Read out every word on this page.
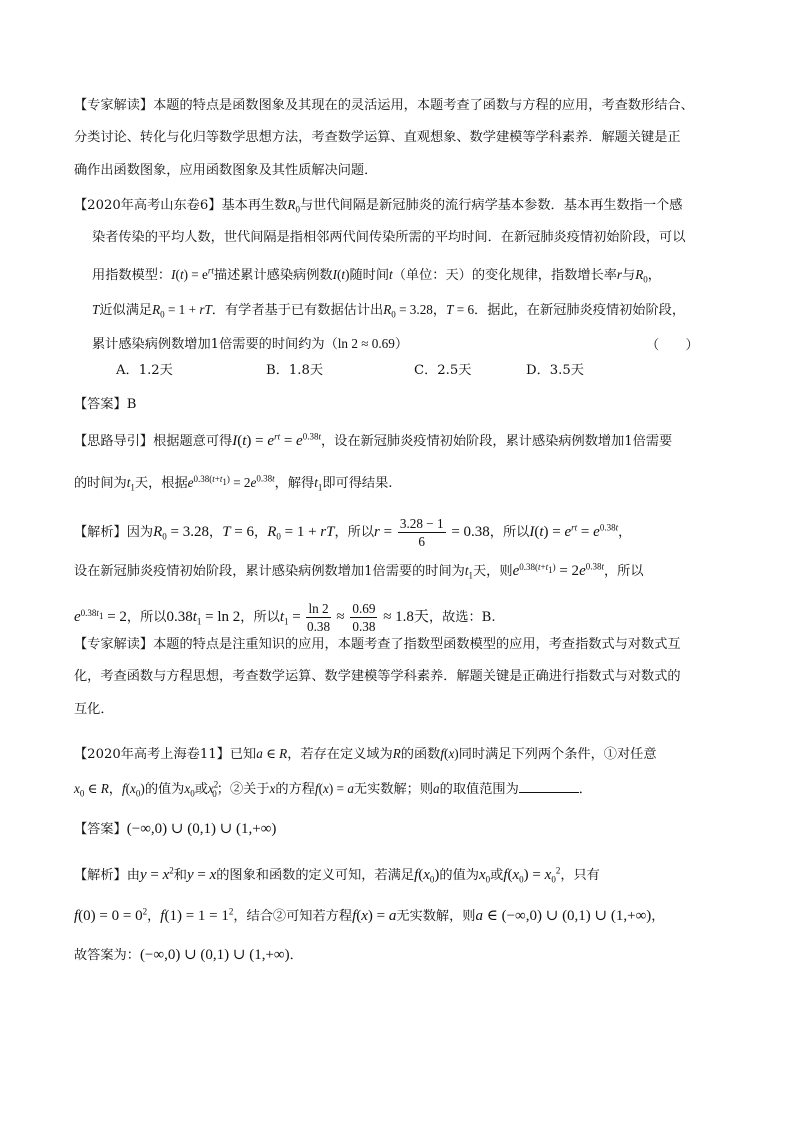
【专家解读】本题的特点是函数图象及其现在的灵活运用，本题考查了函数与方程的应用，考查数形结合、
分类讨论、转化与化归等数学思想方法，考查数学运算、直观想象、数学建模等学科素养．解题关键是正
确作出函数图象，应用函数图象及其性质解决问题．
【2020年高考山东卷6】基本再生数$R_0$与世代间隔是新冠肺炎的流行病学基本参数．基本再生数指一个感
染者传染的平均人数，世代间隔是指相邻两代间传染所需的平均时间．在新冠肺炎疫情初始阶段，可以
用指数模型：$I(t) = e^{rt}$描述累计感染病例数I(t)随时间t（单位：天）的变化规律，指数增长率r与$R_0$，
T近似满足$R_0 = 1$ + rT．有学者基于已有数据估计出$R_0 = 3.28$，T = 6．据此，在新冠肺炎疫情初始阶段，
累计感染病例数增加1倍需要的时间约为（ln 2 ≈ 0.69）	（　　）
A．1.2天	B．1.8天	C．2.5天	D．3.5天
【答案】B
【思路导引】根据题意可得$I(t) = e^{rt} = e^{0.38t}$，设在新冠肺炎疫情初始阶段，累计感染病例数增加1倍需要
的时间为$t_1$天，根据$e^{0.38(t+t_1)} = 2e^{0.38t}$，解得$t_1$即可得结果.
【解析】因为$R_0 = 3.28$，T = 6，$R_0 = 1$ + rT，所以$r = \frac{3.28 - 1}{6} = 0.38$，所以$I(t) = e^{rt} = e^{0.38t}$，
设在新冠肺炎疫情初始阶段，累计感染病例数增加1倍需要的时间为$t_1$天，则$e^{0.38(t+t_1)} = 2e^{0.38t}$，所以
$e^{0.38t_1} = 2$，所以$0.38t_1 = \ln 2$，所以$t_1 = \frac{\ln 2}{0.38} \approx \frac{0.69}{0.38} \approx 1.8$天，故选：B.
【专家解读】本题的特点是注重知识的应用，本题考查了指数型函数模型的应用，考查指数式与对数式互
化，考查函数与方程思想，考查数学运算、数学建模等学科素养．解题关键是正确进行指数式与对数式的
互化．
【2020年高考上海卷11】已知a ∈ R，若存在定义域为R的函数f(x)同时满足下列两个条件，①对任意
$x_0$ ∈ R，$f(x_0)$的值为$x_0$或$x^2_0$；②关于x的方程f(x) = a无实数解；则a的取值范围为	．
【答案】(−∞,0) ∪ (0,1) ∪ (1,+∞)
【解析】由$y = x^2$和y = x的图象和函数的定义可知，若满足$f(x_0)$的值为$x_0$或$f(x_0) = x_0^2$，只有
$f(0) = 0 = 0^2$，$f(1) = 1 = 1^2$，结合②可知若方程f(x) = a无实数解，则a ∈ (−∞,0) ∪ (0,1) ∪ (1,+∞)，
故答案为：(−∞,0) ∪ (0,1) ∪ (1,+∞)．
